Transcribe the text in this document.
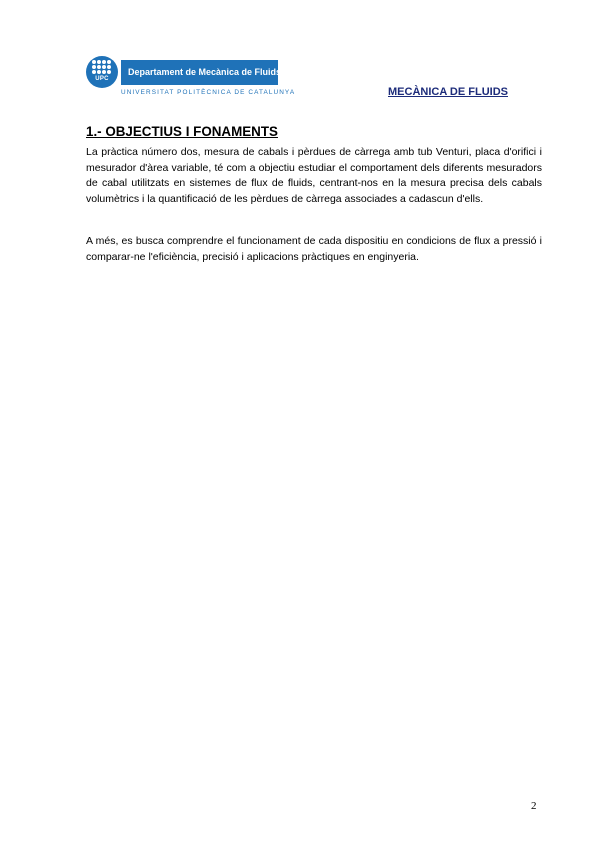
UPC
Departament de Mecànica de Fluids
UNIVERSITAT POLITÈCNICA DE CATALUNYA	MECÀNICA DE FLUIDS
1.- OBJECTIUS I FONAMENTS

La pràctica número dos, mesura de cabals i pèrdues de càrrega amb tub Venturi, placa d'orifici i mesurador d'àrea variable, té com a objectiu estudiar el comportament dels diferents mesuradors de cabal utilitzats en sistemes de flux de fluids, centrant-nos en la mesura precisa dels cabals volumètrics i la quantificació de les pèrdues de càrrega associades a cadascun d'ells.

A més, es busca comprendre el funcionament de cada dispositiu en condicions de flux a pressió i comparar-ne l'eficiència, precisió i aplicacions pràctiques en enginyeria.

2
